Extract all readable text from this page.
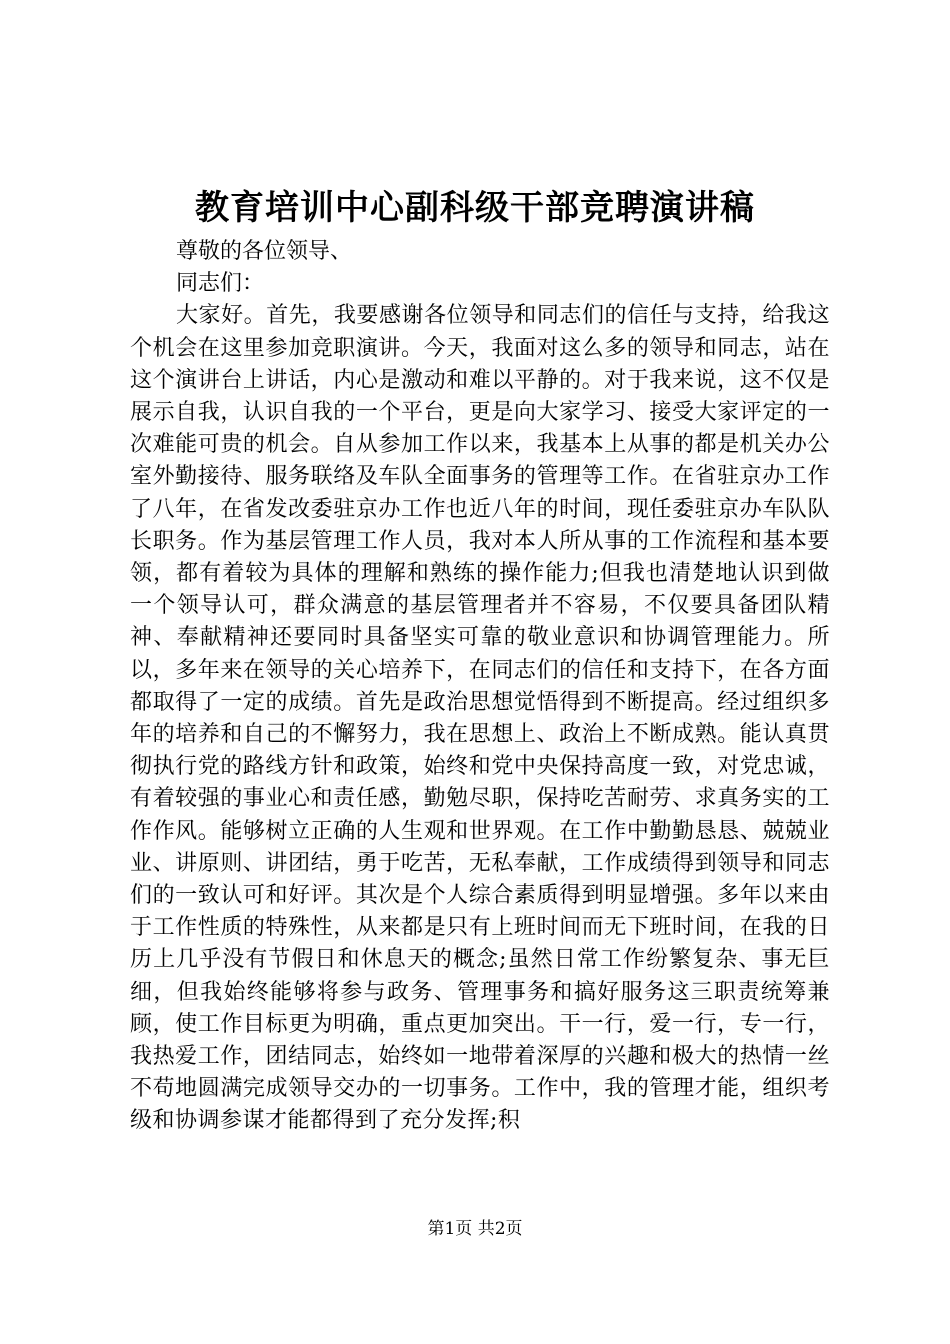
教育培训中心副科级干部竞聘演讲稿
尊敬的各位领导、
同志们：

大家好。首先，我要感谢各位领导和同志们的信任与支持，给我这个机会在这里参加竞职演讲。今天，我面对这么多的领导和同志，站在这个演讲台上讲话，内心是激动和难以平静的。对于我来说，这不仅是展示自我，认识自我的一个平台，更是向大家学习、接受大家评定的一次难能可贵的机会。自从参加工作以来，我基本上从事的都是机关办公室外勤接待、服务联络及车队全面事务的管理等工作。在省驻京办工作了八年，在省发改委驻京办工作也近八年的时间，现任委驻京办车队队长职务。作为基层管理工作人员，我对本人所从事的工作流程和基本要领，都有着较为具体的理解和熟练的操作能力;但我也清楚地认识到做一个领导认可，群众满意的基层管理者并不容易，不仅要具备团队精神、奉献精神还要同时具备坚实可靠的敬业意识和协调管理能力。所以，多年来在领导的关心培养下，在同志们的信任和支持下，在各方面都取得了一定的成绩。首先是政治思想觉悟得到不断提高。经过组织多年的培养和自己的不懈努力，我在思想上、政治上不断成熟。能认真贯彻执行党的路线方针和政策，始终和党中央保持高度一致，对党忠诚，有着较强的事业心和责任感，勤勉尽职，保持吃苦耐劳、求真务实的工作作风。能够树立正确的人生观和世界观。在工作中勤勤恳恳、兢兢业业、讲原则、讲团结，勇于吃苦，无私奉献，工作成绩得到领导和同志们的一致认可和好评。其次是个人综合素质得到明显增强。多年以来由于工作性质的特殊性，从来都是只有上班时间而无下班时间，在我的日历上几乎没有节假日和休息天的概念;虽然日常工作纷繁复杂、事无巨细，但我始终能够将参与政务、管理事务和搞好服务这三职责统筹兼顾，使工作目标更为明确，重点更加突出。干一行，爱一行，专一行，我热爱工作，团结同志，始终如一地带着深厚的兴趣和极大的热情一丝不苟地圆满完成领导交办的一切事务。工作中，我的管理才能，组织考级和协调参谋才能都得到了充分发挥;积

第1页 共2页
